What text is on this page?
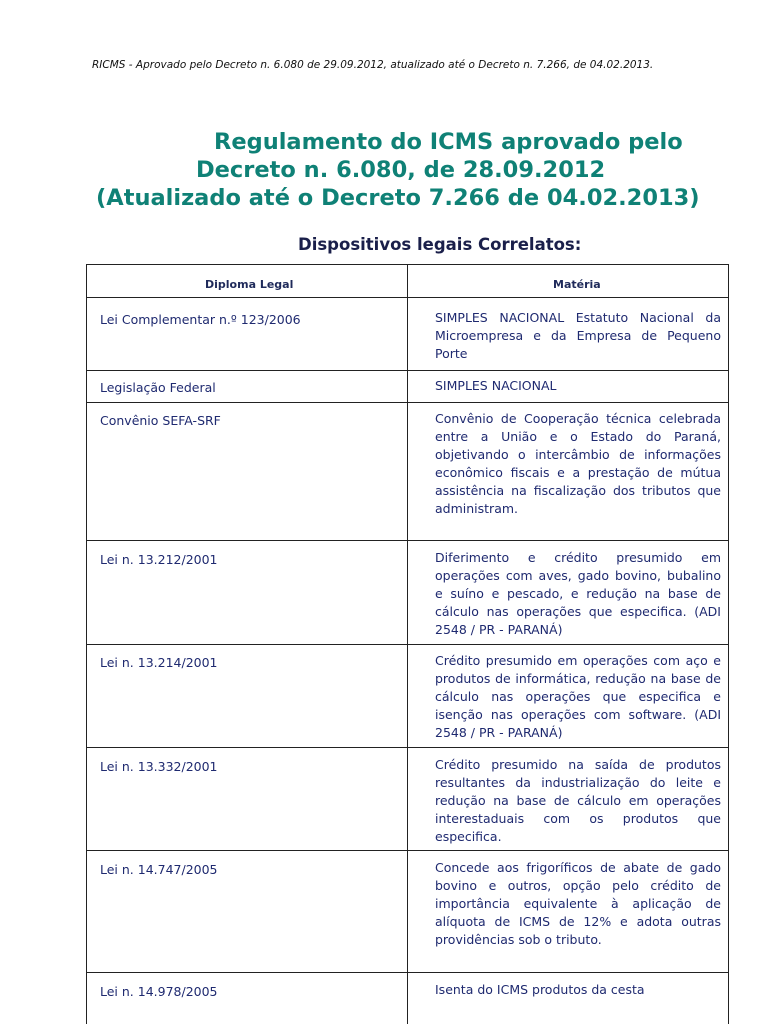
RICMS - Aprovado pelo Decreto n. 6.080 de 29.09.2012, atualizado até o Decreto n. 7.266, de 04.02.2013.
Regulamento do ICMS aprovado pelo
Decreto n. 6.080, de 28.09.2012
(Atualizado até o Decreto 7.266 de 04.02.2013)
Dispositivos legais Correlatos:
Diploma Legal	Matéria
Lei Complementar n.º 123/2006	SIMPLES NACIONAL Estatuto Nacional da Microempresa e da Empresa de Pequeno Porte
Legislação Federal	SIMPLES NACIONAL
Convênio SEFA-SRF	Convênio de Cooperação técnica celebrada entre a União e o Estado do Paraná, objetivando o intercâmbio de informações econômico fiscais e a prestação de mútua assistência na fiscalização dos tributos que administram.
Lei n. 13.212/2001	Diferimento e crédito presumido em operações com aves, gado bovino, bubalino e suíno e pescado, e redução na base de cálculo nas operações que especifica. (ADI 2548 / PR - PARANÁ)
Lei n. 13.214/2001	Crédito presumido em operações com aço e produtos de informática, redução na base de cálculo nas operações que especifica e isenção nas operações com software. (ADI 2548 / PR - PARANÁ)
Lei n. 13.332/2001	Crédito presumido na saída de produtos resultantes da industrialização do leite e redução na base de cálculo em operações interestaduais com os produtos que especifica.
Lei n. 14.747/2005	Concede aos frigoríficos de abate de gado bovino e outros, opção pelo crédito de importância equivalente à aplicação de alíquota de ICMS de 12% e adota outras providências sob o tributo.
Lei n. 14.978/2005	Isenta do ICMS produtos da cesta
